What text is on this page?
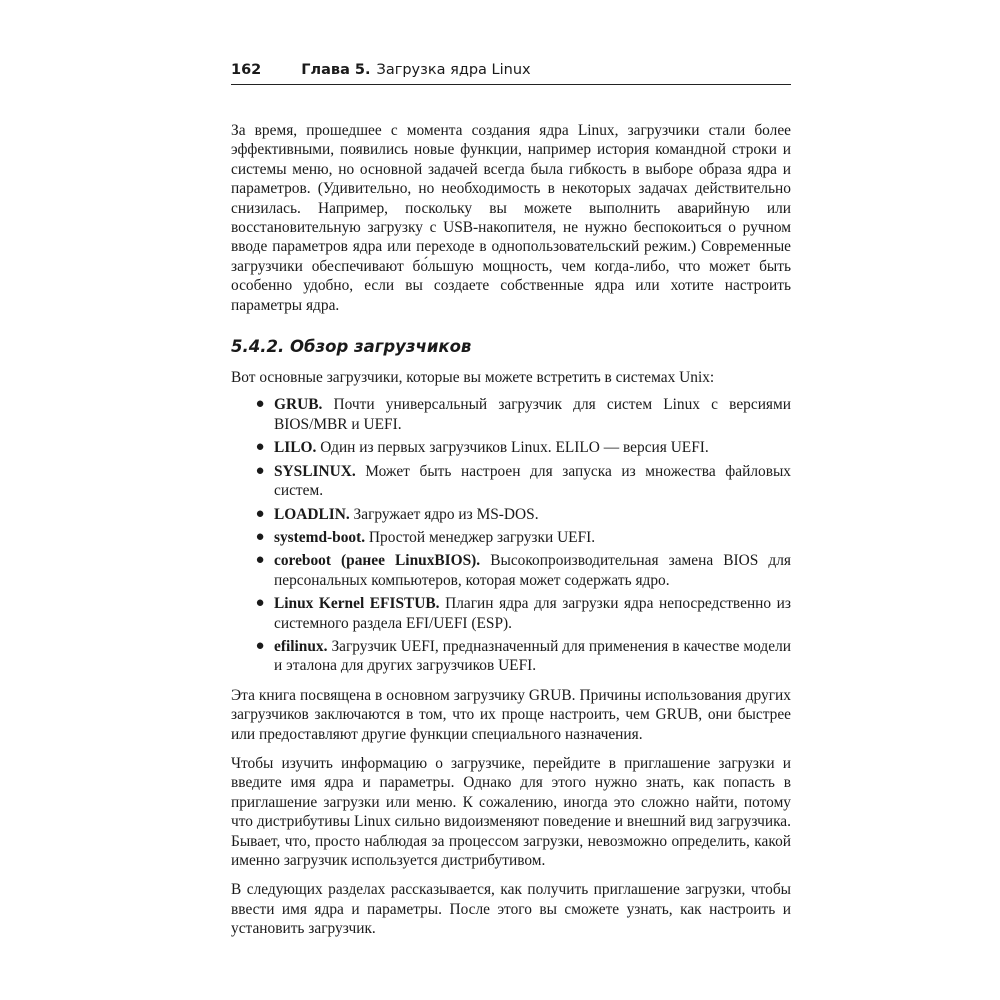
162	Глава 5. Загрузка ядра Linux

За время, прошедшее с момента создания ядра Linux, загрузчики стали более эффективными, появились новые функции, например история командной строки и системы меню, но основной задачей всегда была гибкость в выборе образа ядра и параметров. (Удивительно, но необходимость в некоторых задачах действительно снизилась. Например, поскольку вы можете выполнить аварийную или восстановительную загрузку с USB-накопителя, не нужно беспокоиться о ручном вводе параметров ядра или переходе в однопользовательский режим.) Современные загрузчики обеспечивают бо́льшую мощность, чем когда-либо, что может быть особенно удобно, если вы создаете собственные ядра или хотите настроить параметры ядра.

5.4.2. Обзор загрузчиков

Вот основные загрузчики, которые вы можете встретить в системах Unix:

● GRUB. Почти универсальный загрузчик для систем Linux с версиями BIOS/MBR и UEFI.
● LILO. Один из первых загрузчиков Linux. ELILO — версия UEFI.
● SYSLINUX. Может быть настроен для запуска из множества файловых систем.
● LOADLIN. Загружает ядро из MS-DOS.
● systemd-boot. Простой менеджер загрузки UEFI.
● coreboot (ранее LinuxBIOS). Высокопроизводительная замена BIOS для персональных компьютеров, которая может содержать ядро.
● Linux Kernel EFISTUB. Плагин ядра для загрузки ядра непосредственно из системного раздела EFI/UEFI (ESP).
● efilinux. Загрузчик UEFI, предназначенный для применения в качестве модели и эталона для других загрузчиков UEFI.

Эта книга посвящена в основном загрузчику GRUB. Причины использования других загрузчиков заключаются в том, что их проще настроить, чем GRUB, они быстрее или предоставляют другие функции специального назначения.

Чтобы изучить информацию о загрузчике, перейдите в приглашение загрузки и введите имя ядра и параметры. Однако для этого нужно знать, как попасть в приглашение загрузки или меню. К сожалению, иногда это сложно найти, потому что дистрибутивы Linux сильно видоизменяют поведение и внешний вид загрузчика. Бывает, что, просто наблюдая за процессом загрузки, невозможно определить, какой именно загрузчик используется дистрибутивом.

В следующих разделах рассказывается, как получить приглашение загрузки, чтобы ввести имя ядра и параметры. После этого вы сможете узнать, как настроить и установить загрузчик.
